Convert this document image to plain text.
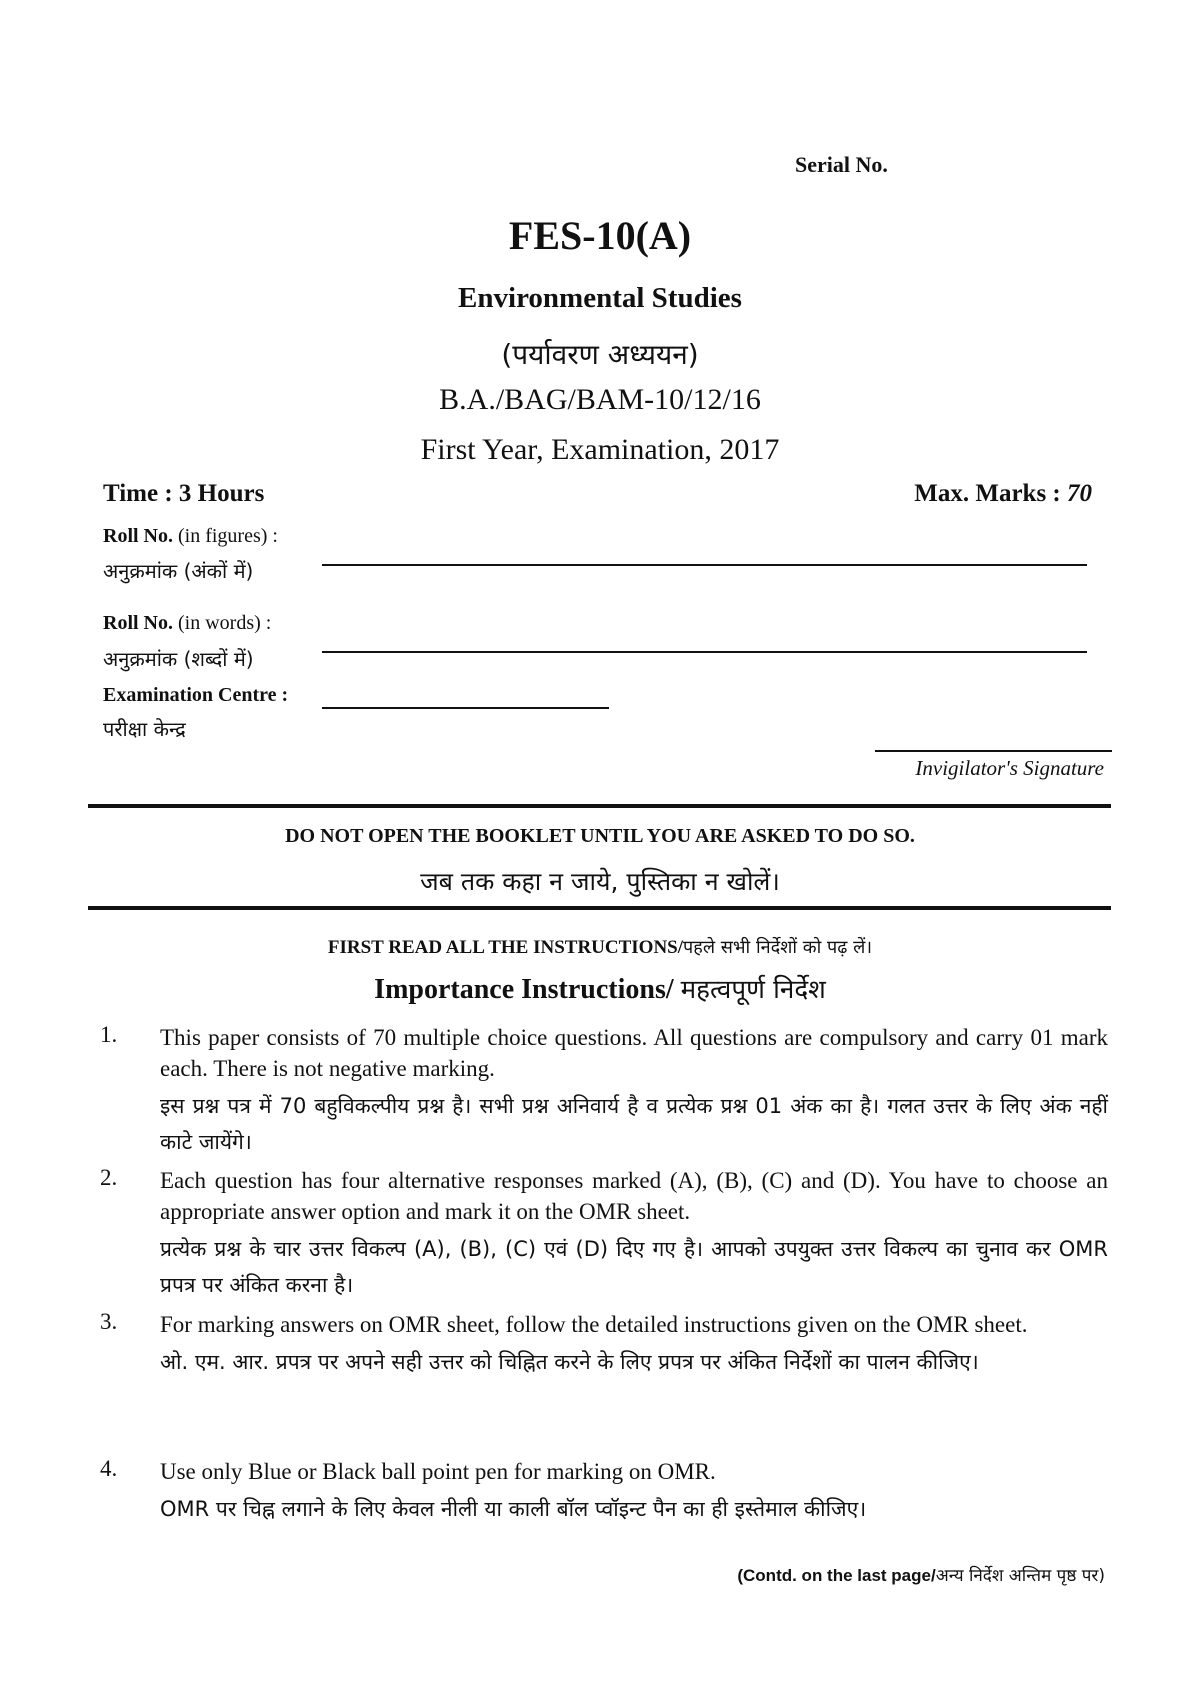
Serial No.
FES-10(A)
Environmental Studies
(पर्यावरण अध्ययन)
B.A./BAG/BAM-10/12/16
First Year, Examination, 2017
Time : 3 Hours	Max. Marks : 70
Roll No. (in figures) :
अनुक्रमांक (अंकों में)
Roll No. (in words) :
अनुक्रमांक (शब्दों में)
Examination Centre :
परीक्षा केन्द्र
Invigilator's Signature
DO NOT OPEN THE BOOKLET UNTIL YOU ARE ASKED TO DO SO.
जब तक कहा न जाये, पुस्तिका न खोलें।
FIRST READ ALL THE INSTRUCTIONS/पहले सभी निर्देशों को पढ़ लें।
Importance Instructions/ महत्वपूर्ण निर्देश
1. This paper consists of 70 multiple choice questions. All questions are compulsory and carry 01 mark each. There is not negative marking.
इस प्रश्न पत्र में 70 बहुविकल्पीय प्रश्न है। सभी प्रश्न अनिवार्य है व प्रत्येक प्रश्न 01 अंक का है। गलत उत्तर के लिए अंक नहीं काटे जायेंगे।
2. Each question has four alternative responses marked (A), (B), (C) and (D). You have to choose an appropriate answer option and mark it on the OMR sheet.
प्रत्येक प्रश्न के चार उत्तर विकल्प (A), (B), (C) एवं (D) दिए गए है। आपको उपयुक्त उत्तर विकल्प का चुनाव कर OMR प्रपत्र पर अंकित करना है।
3. For marking answers on OMR sheet, follow the detailed instructions given on the OMR sheet.
ओ. एम. आर. प्रपत्र पर अपने सही उत्तर को चिह्नित करने के लिए प्रपत्र पर अंकित निर्देशों का पालन कीजिए।
4. Use only Blue or Black ball point pen for marking on OMR.
OMR पर चिह्न लगाने के लिए केवल नीली या काली बॉल प्वॉइन्ट पैन का ही इस्तेमाल कीजिए।
(Contd. on the last page/अन्य निर्देश अन्तिम पृष्ठ पर)
